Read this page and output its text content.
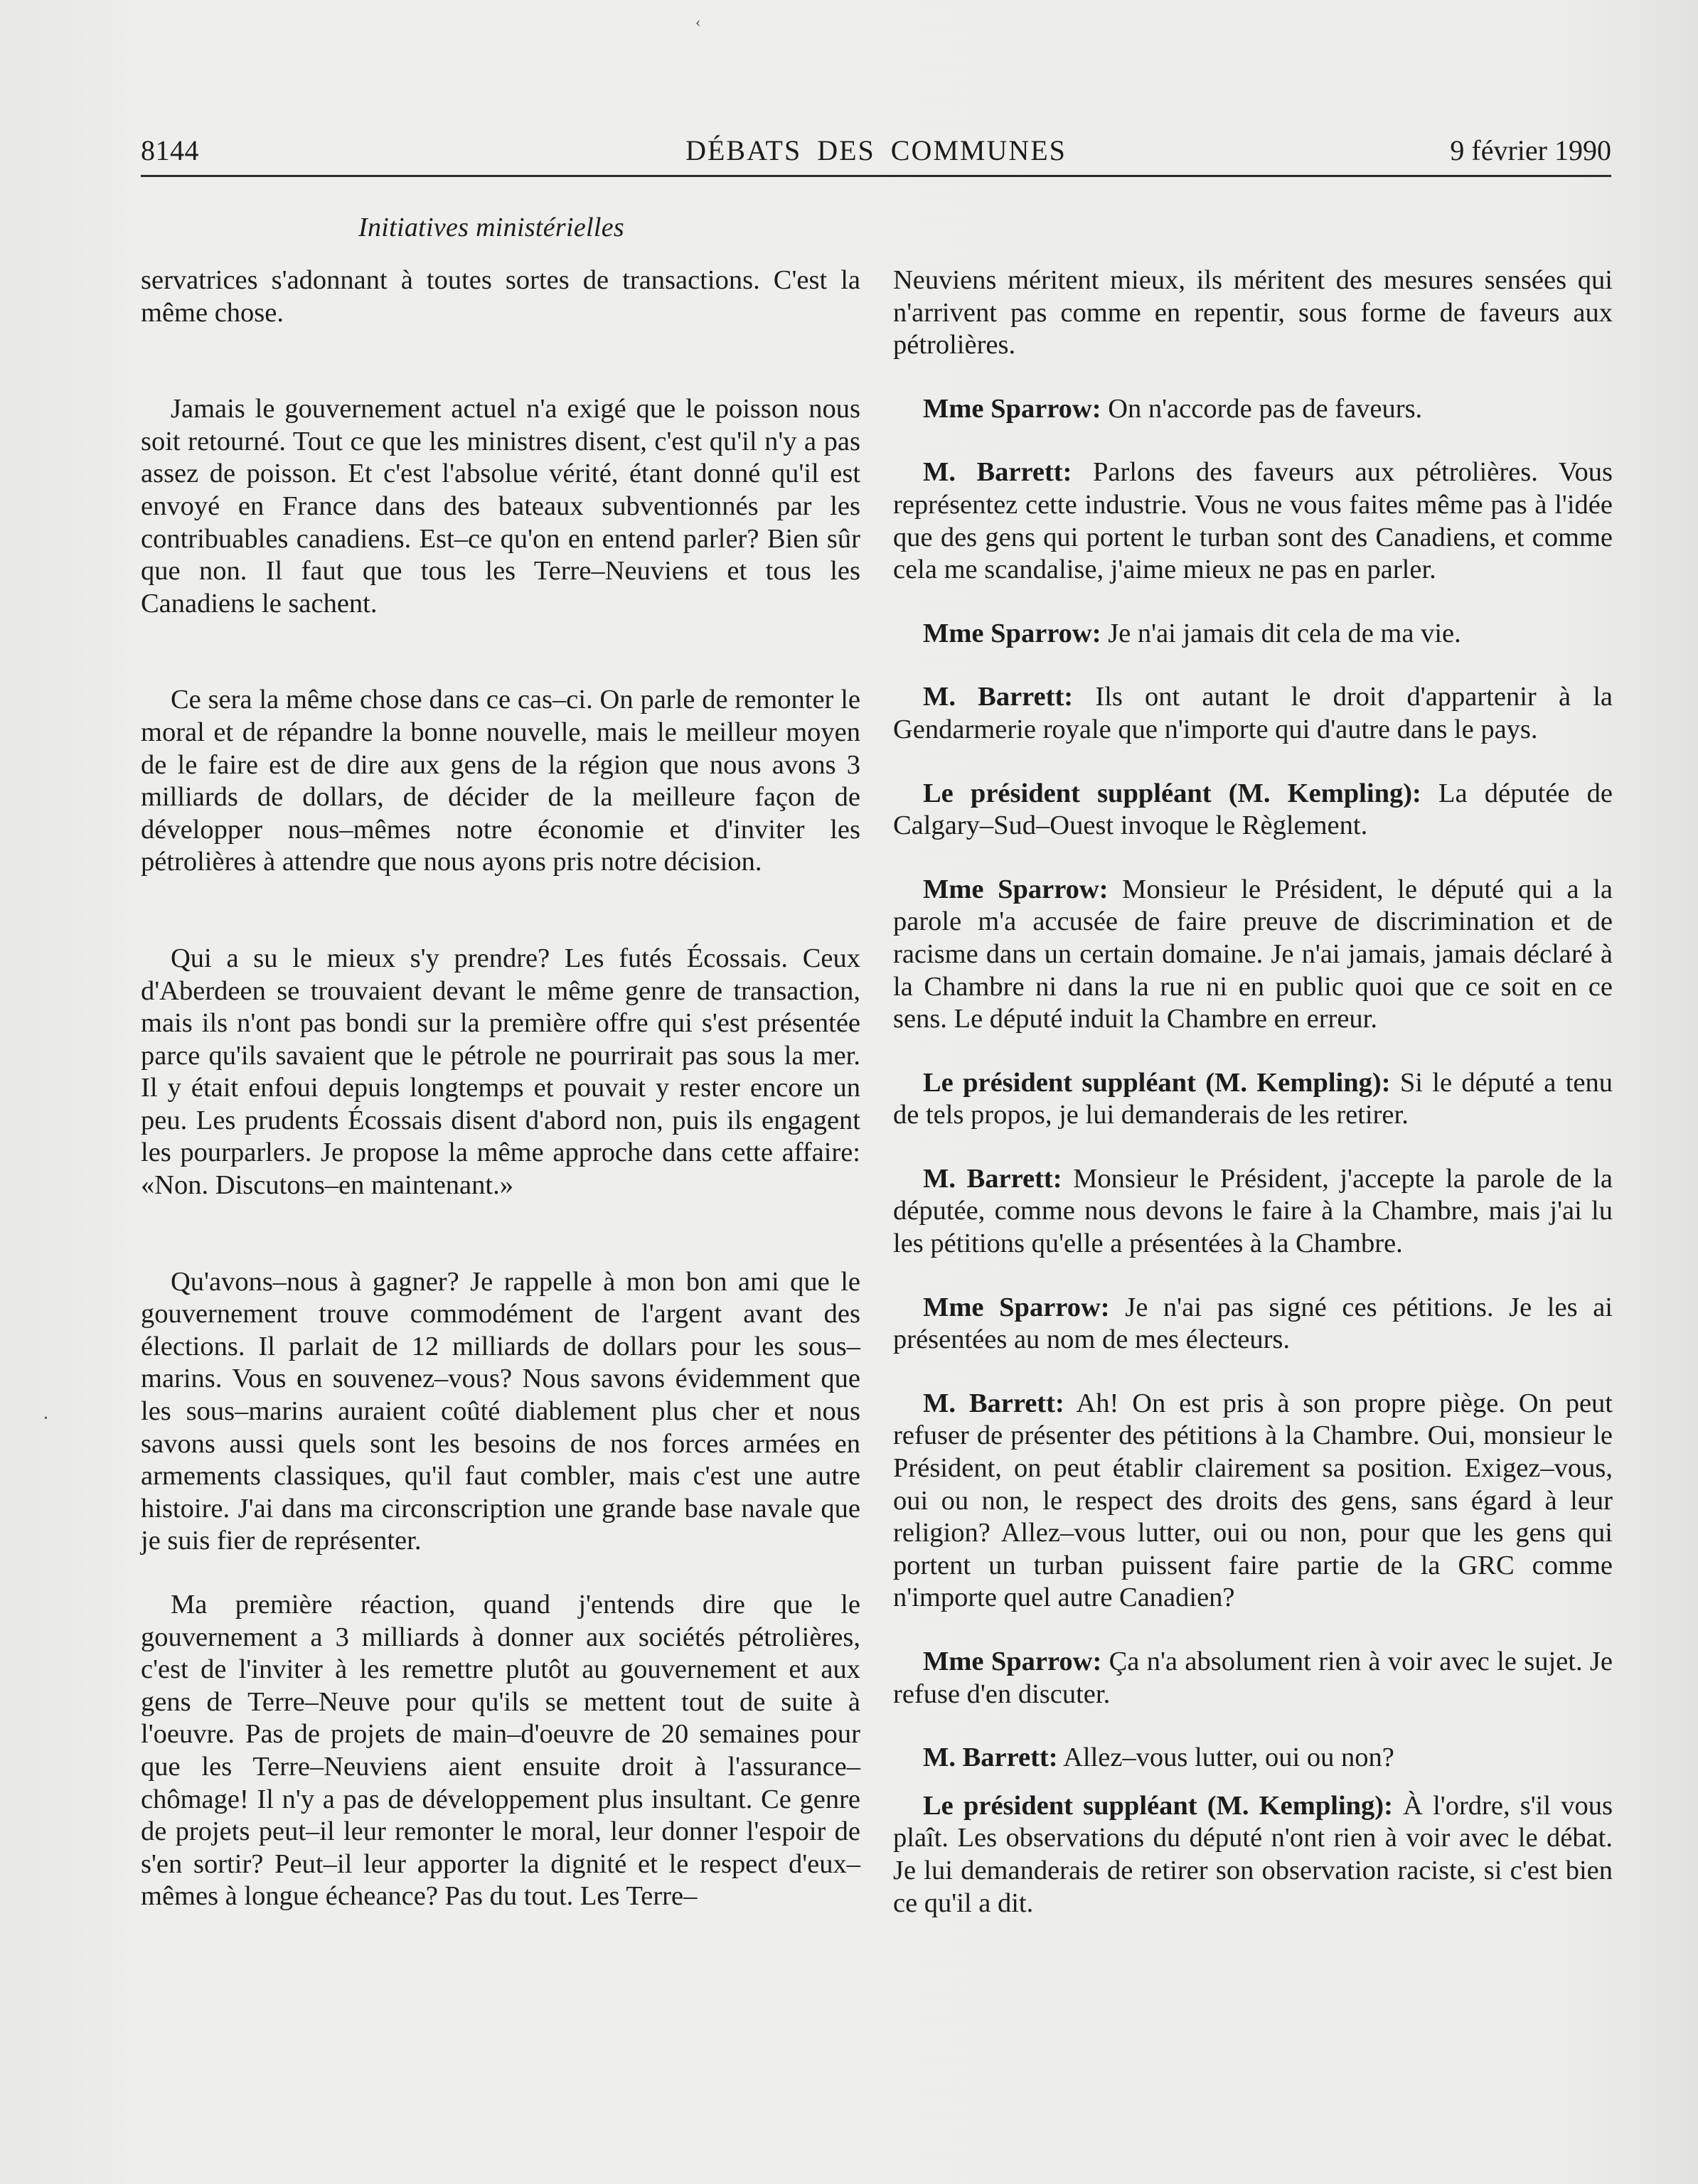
‹
•
8144	DÉBATS DES COMMUNES	9 février 1990
Initiatives ministérielles

servatrices s'adonnant à toutes sortes de transactions. C'est la même chose.

Jamais le gouvernement actuel n'a exigé que le poisson nous soit retourné. Tout ce que les ministres disent, c'est qu'il n'y a pas assez de poisson. Et c'est l'absolue vérité, étant donné qu'il est envoyé en France dans des bateaux subventionnés par les contribuables canadiens. Est–ce qu'on en entend parler? Bien sûr que non. Il faut que tous les Terre–Neuviens et tous les Canadiens le sachent.

Ce sera la même chose dans ce cas–ci. On parle de remonter le moral et de répandre la bonne nouvelle, mais le meilleur moyen de le faire est de dire aux gens de la région que nous avons 3 milliards de dollars, de décider de la meilleure façon de développer nous–mêmes notre économie et d'inviter les pétrolières à attendre que nous ayons pris notre décision.

Qui a su le mieux s'y prendre? Les futés Écossais. Ceux d'Aberdeen se trouvaient devant le même genre de transaction, mais ils n'ont pas bondi sur la première offre qui s'est présentée parce qu'ils savaient que le pétrole ne pourrirait pas sous la mer. Il y était enfoui depuis longtemps et pouvait y rester encore un peu. Les prudents Écossais disent d'abord non, puis ils engagent les pourparlers. Je propose la même approche dans cette affaire: «Non. Discutons–en maintenant.»

Qu'avons–nous à gagner? Je rappelle à mon bon ami que le gouvernement trouve commodément de l'argent avant des élections. Il parlait de 12 milliards de dollars pour les sous–marins. Vous en souvenez–vous? Nous savons évidemment que les sous–marins auraient coûté diablement plus cher et nous savons aussi quels sont les besoins de nos forces armées en armements classiques, qu'il faut combler, mais c'est une autre histoire. J'ai dans ma circonscription une grande base navale que je suis fier de représenter.

Ma première réaction, quand j'entends dire que le gouvernement a 3 milliards à donner aux sociétés pétrolières, c'est de l'inviter à les remettre plutôt au gouvernement et aux gens de Terre–Neuve pour qu'ils se mettent tout de suite à l'oeuvre. Pas de projets de main–d'oeuvre de 20 semaines pour que les Terre–Neuviens aient ensuite droit à l'assurance–chômage! Il n'y a pas de développement plus insultant. Ce genre de projets peut–il leur remonter le moral, leur donner l'espoir de s'en sortir? Peut–il leur apporter la dignité et le respect d'eux–mêmes à longue écheance? Pas du tout. Les Terre–

Neuviens méritent mieux, ils méritent des mesures sensées qui n'arrivent pas comme en repentir, sous forme de faveurs aux pétrolières.

Mme Sparrow: On n'accorde pas de faveurs.

M. Barrett: Parlons des faveurs aux pétrolières. Vous représentez cette industrie. Vous ne vous faites même pas à l'idée que des gens qui portent le turban sont des Canadiens, et comme cela me scandalise, j'aime mieux ne pas en parler.

Mme Sparrow: Je n'ai jamais dit cela de ma vie.

M. Barrett: Ils ont autant le droit d'appartenir à la Gendarmerie royale que n'importe qui d'autre dans le pays.

Le président suppléant (M. Kempling): La députée de Calgary–Sud–Ouest invoque le Règlement.

Mme Sparrow: Monsieur le Président, le député qui a la parole m'a accusée de faire preuve de discrimination et de racisme dans un certain domaine. Je n'ai jamais, jamais déclaré à la Chambre ni dans la rue ni en public quoi que ce soit en ce sens. Le député induit la Chambre en erreur.

Le président suppléant (M. Kempling): Si le député a tenu de tels propos, je lui demanderais de les retirer.

M. Barrett: Monsieur le Président, j'accepte la parole de la députée, comme nous devons le faire à la Chambre, mais j'ai lu les pétitions qu'elle a présentées à la Chambre.

Mme Sparrow: Je n'ai pas signé ces pétitions. Je les ai présentées au nom de mes électeurs.

M. Barrett: Ah! On est pris à son propre piège. On peut refuser de présenter des pétitions à la Chambre. Oui, monsieur le Président, on peut établir clairement sa position. Exigez–vous, oui ou non, le respect des droits des gens, sans égard à leur religion? Allez–vous lutter, oui ou non, pour que les gens qui portent un turban puissent faire partie de la GRC comme n'importe quel autre Canadien?

Mme Sparrow: Ça n'a absolument rien à voir avec le sujet. Je refuse d'en discuter.

M. Barrett: Allez–vous lutter, oui ou non?

Le président suppléant (M. Kempling): À l'ordre, s'il vous plaît. Les observations du député n'ont rien à voir avec le débat. Je lui demanderais de retirer son observation raciste, si c'est bien ce qu'il a dit.
